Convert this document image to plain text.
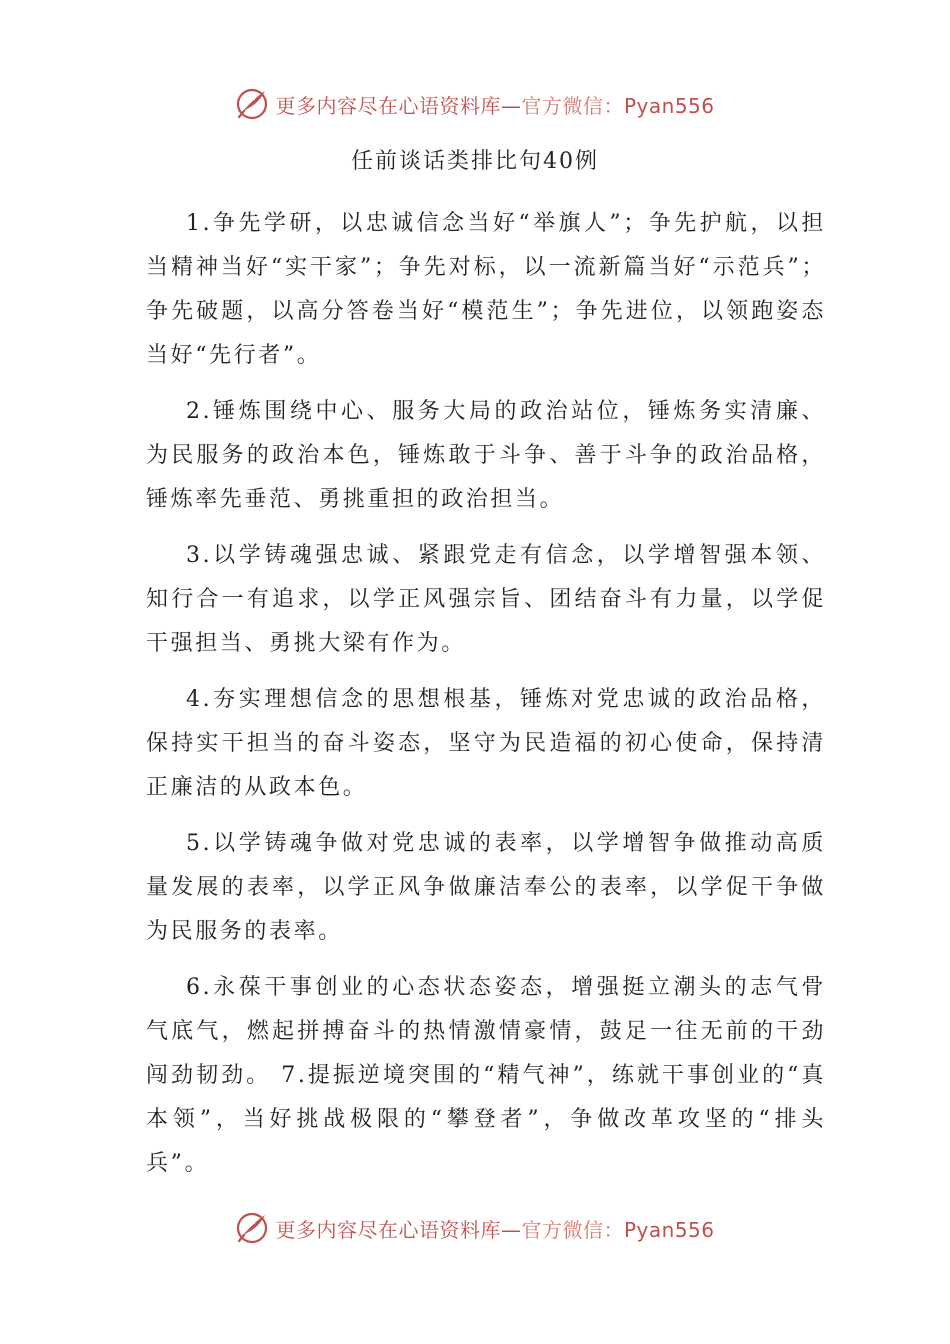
更多内容尽在心语资料库—官方微信：Pyan556
任前谈话类排比句40例

1.争先学研，以忠诚信念当好“举旗人”；争先护航，以担当精神当好“实干家”；争先对标，以一流新篇当好“示范兵”；争先破题，以高分答卷当好“模范生”；争先进位，以领跑姿态当好“先行者”。

2.锤炼围绕中心、服务大局的政治站位，锤炼务实清廉、为民服务的政治本色，锤炼敢于斗争、善于斗争的政治品格，锤炼率先垂范、勇挑重担的政治担当。

3.以学铸魂强忠诚、紧跟党走有信念，以学增智强本领、知行合一有追求，以学正风强宗旨、团结奋斗有力量，以学促干强担当、勇挑大梁有作为。

4.夯实理想信念的思想根基，锤炼对党忠诚的政治品格，保持实干担当的奋斗姿态，坚守为民造福的初心使命，保持清正廉洁的从政本色。

5.以学铸魂争做对党忠诚的表率，以学增智争做推动高质量发展的表率，以学正风争做廉洁奉公的表率，以学促干争做为民服务的表率。

6.永葆干事创业的心态状态姿态，增强挺立潮头的志气骨气底气，燃起拼搏奋斗的热情激情豪情，鼓足一往无前的干劲闯劲韧劲。 7.提振逆境突围的“精气神”，练就干事创业的“真本领”，当好挑战极限的“攀登者”，争做改革攻坚的“排头兵”。

更多内容尽在心语资料库—官方微信：Pyan556
